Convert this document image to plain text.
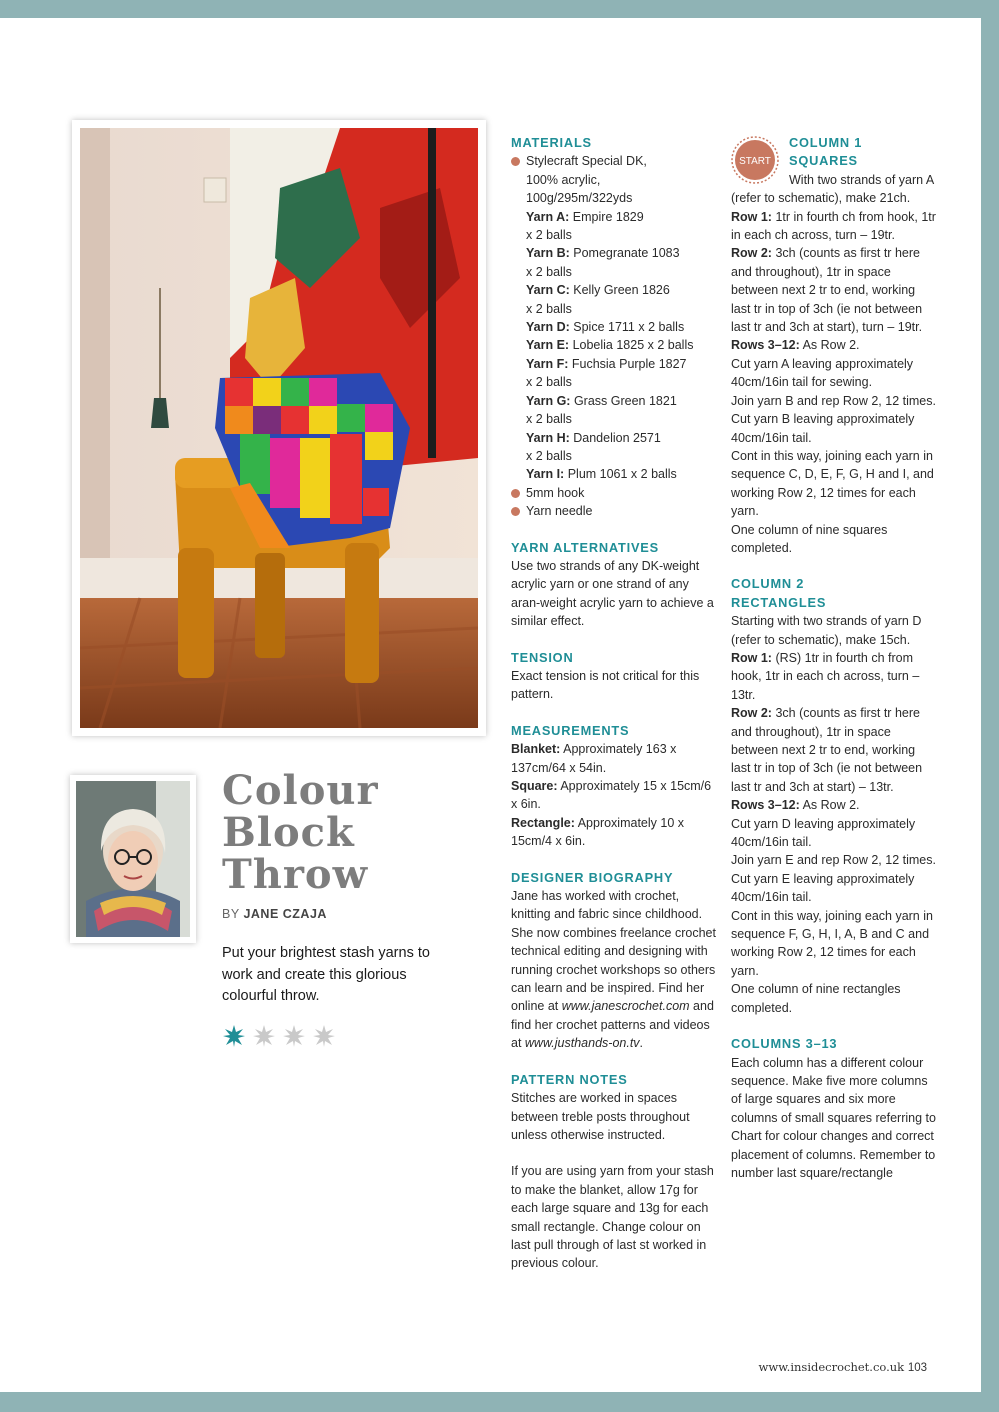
Colour
Block
Throw
BY JANE CZAJA

Put your brightest stash yarns to work and create this glorious colourful throw.

MATERIALS
Stylecraft Special DK,
100% acrylic,
100g/295m/322yds
Yarn A: Empire 1829
x 2 balls
Yarn B: Pomegranate 1083
x 2 balls
Yarn C: Kelly Green 1826
x 2 balls
Yarn D: Spice 1711 x 2 balls
Yarn E: Lobelia 1825 x 2 balls
Yarn F: Fuchsia Purple 1827
x 2 balls
Yarn G: Grass Green 1821
x 2 balls
Yarn H: Dandelion 2571
x 2 balls
Yarn I: Plum 1061 x 2 balls
5mm hook
Yarn needle
YARN ALTERNATIVES

Use two strands of any DK-weight acrylic yarn or one strand of any aran-weight acrylic yarn to achieve a similar effect.

TENSION

Exact tension is not critical for this pattern.

MEASUREMENTS

Blanket: Approximately 163 x 137cm/64 x 54in.

Square: Approximately 15 x 15cm/6 x 6in.

Rectangle: Approximately 10 x 15cm/4 x 6in.

DESIGNER BIOGRAPHY

Jane has worked with crochet, knitting and fabric since childhood. She now combines freelance crochet technical editing and designing with running crochet workshops so others can learn and be inspired. Find her online at www.janescrochet.com and find her crochet patterns and videos at www.justhands-on.tv.

PATTERN NOTES

Stitches are worked in spaces between treble posts throughout unless otherwise instructed.

If you are using yarn from your stash to make the blanket, allow 17g for each large square and 13g for each small rectangle. Change colour on last pull through of last st worked in previous colour.

START
COLUMN 1
SQUARES

With two strands of yarn A (refer to schematic), make 21ch.

Row 1: 1tr in fourth ch from hook, 1tr in each ch across, turn – 19tr.

Row 2: 3ch (counts as first tr here and throughout), 1tr in space between next 2 tr to end, working last tr in top of 3ch (ie not between last tr and 3ch at start), turn – 19tr.

Rows 3–12: As Row 2.

Cut yarn A leaving approximately 40cm/16in tail for sewing.

Join yarn B and rep Row 2, 12 times.

Cut yarn B leaving approximately 40cm/16in tail.

Cont in this way, joining each yarn in sequence C, D, E, F, G, H and I, and working Row 2, 12 times for each yarn.

One column of nine squares completed.

COLUMN 2
RECTANGLES

Starting with two strands of yarn D (refer to schematic), make 15ch.

Row 1: (RS) 1tr in fourth ch from hook, 1tr in each ch across, turn – 13tr.

Row 2: 3ch (counts as first tr here and throughout), 1tr in space between next 2 tr to end, working last tr in top of 3ch (ie not between last tr and 3ch at start) – 13tr.

Rows 3–12: As Row 2.

Cut yarn D leaving approximately 40cm/16in tail.

Join yarn E and rep Row 2, 12 times.

Cut yarn E leaving approximately 40cm/16in tail.

Cont in this way, joining each yarn in sequence F, G, H, I, A, B and C and working Row 2, 12 times for each yarn.

One column of nine rectangles completed.

COLUMNS 3–13

Each column has a different colour sequence. Make five more columns of large squares and six more columns of small squares referring to Chart for colour changes and correct placement of columns. Remember to number last square/rectangle

www.insidecrochet.co.uk 103
